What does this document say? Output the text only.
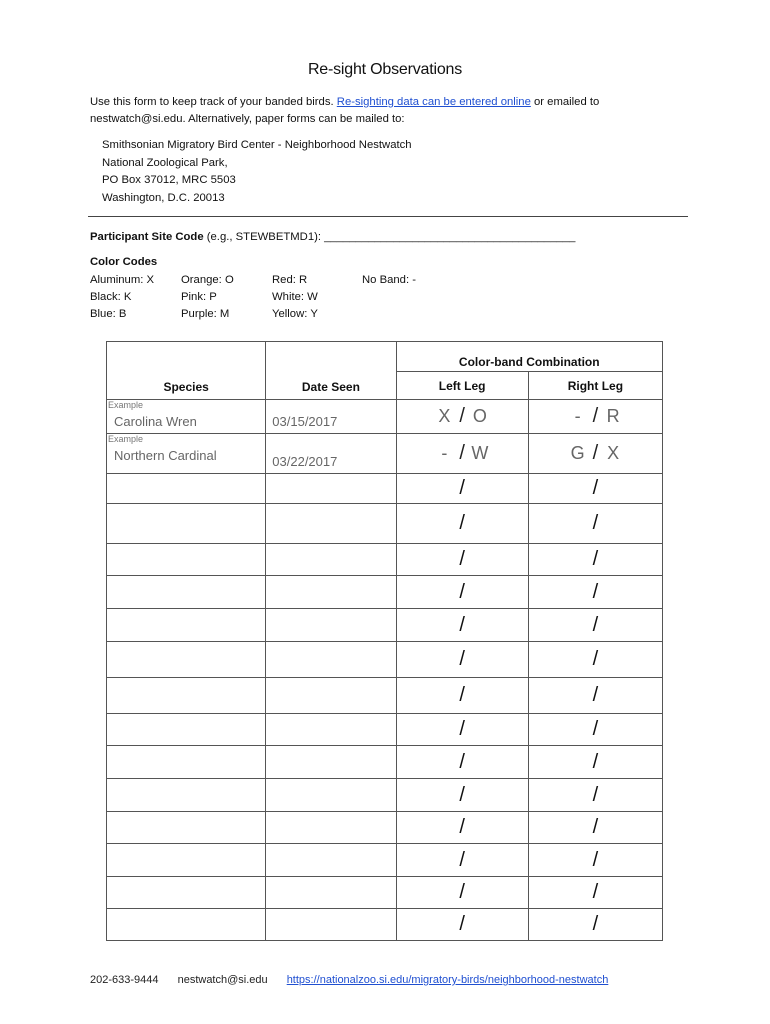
Re-sight Observations
Use this form to keep track of your banded birds. Re-sighting data can be entered online or emailed to nestwatch@si.edu. Alternatively, paper forms can be mailed to:
Smithsonian Migratory Bird Center - Neighborhood Nestwatch
National Zoological Park,
PO Box 37012, MRC 5503
Washington, D.C. 20013
Participant Site Code (e.g., STEWBETMD1): ________________________________________
Color Codes
Aluminum: X	Orange: O	Red: R	No Band: -
Black: K	Pink: P	White: W
Blue: B	Purple: M	Yellow: Y
Species	Date Seen	Color-band Combination	
		Left Leg	Right Leg

Example
Carolina Wren	03/15/2017	X / O	- / R

Example
Northern Cardinal	03/22/2017	- / W	G / X
		/	/
		/	/
		/	/
		/	/
		/	/
		/	/
		/	/
		/	/
		/	/
		/	/
		/	/
		/	/
		/	/
		/	/
202-633-9444 nestwatch@si.edu https://nationalzoo.si.edu/migratory-birds/neighborhood-nestwatch
